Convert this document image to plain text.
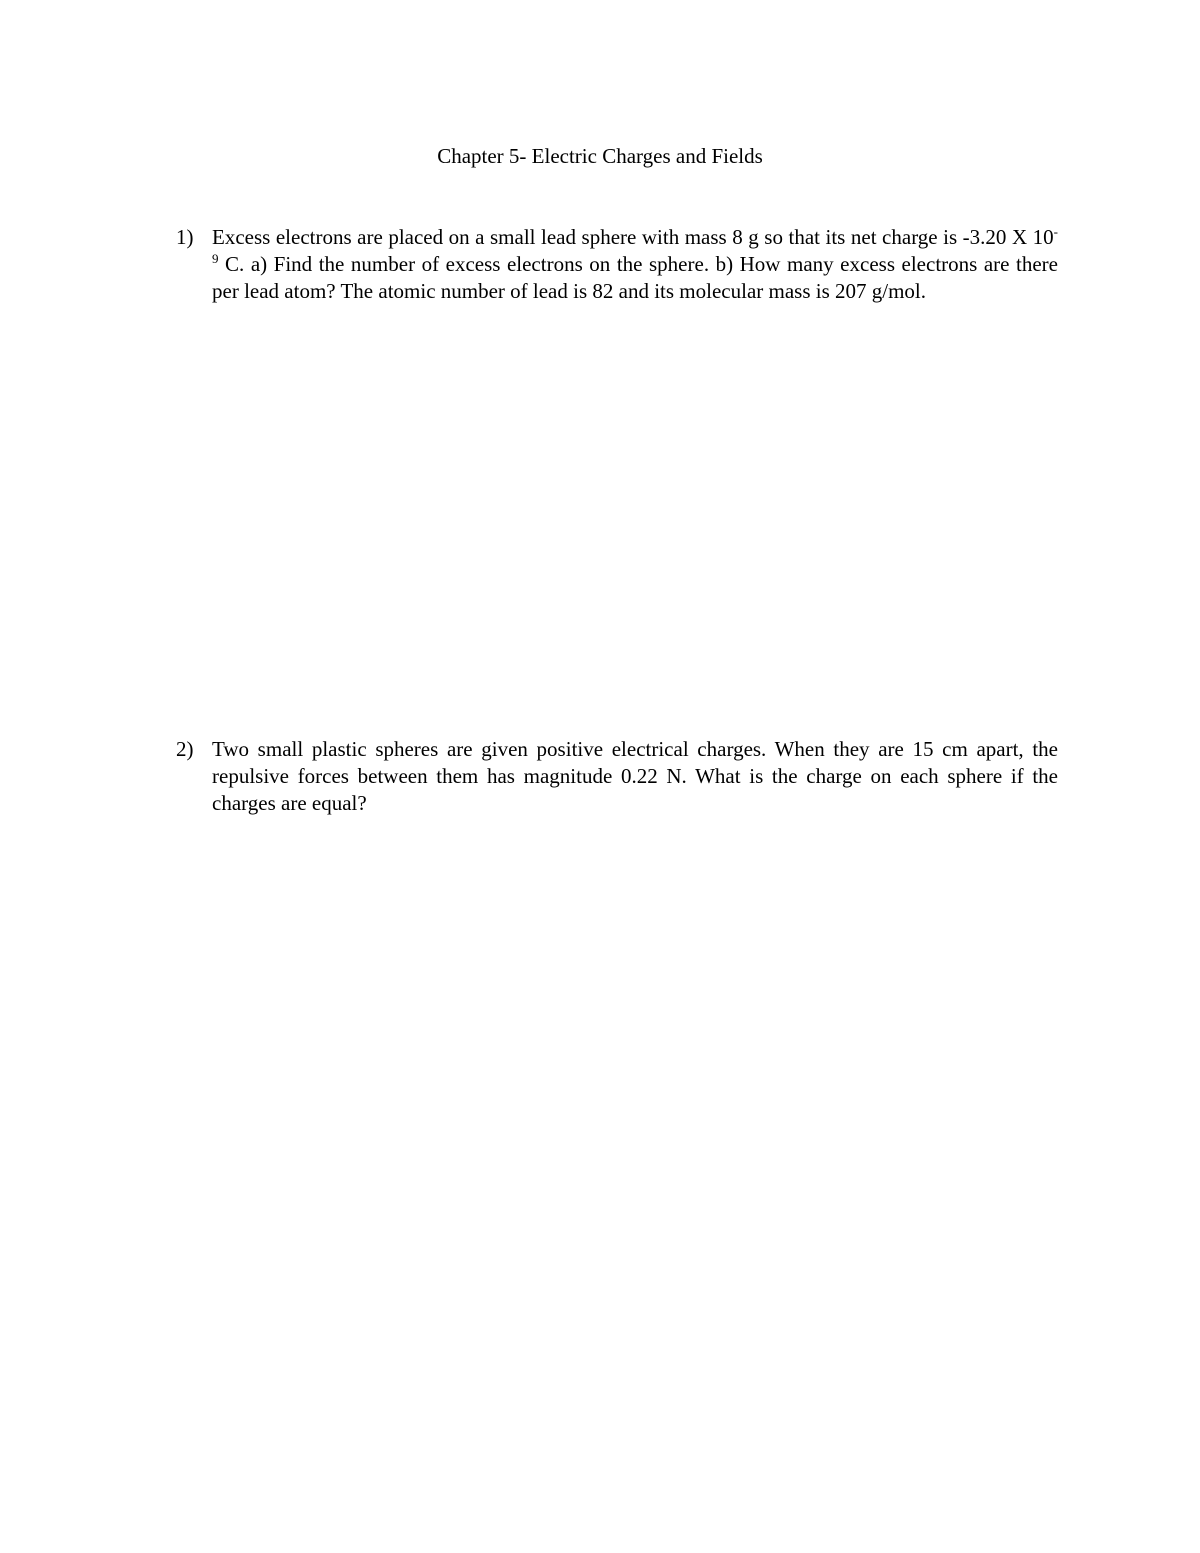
Chapter 5- Electric Charges and Fields
1) Excess electrons are placed on a small lead sphere with mass 8 g so that its net charge is -3.20 X $10^{-9}$ C. a) Find the number of excess electrons on the sphere. b) How many excess electrons are there per lead atom? The atomic number of lead is 82 and its molecular mass is 207 g/mol.
2) Two small plastic spheres are given positive electrical charges. When they are 15 cm apart, the repulsive forces between them has magnitude 0.22 N. What is the charge on each sphere if the charges are equal?
